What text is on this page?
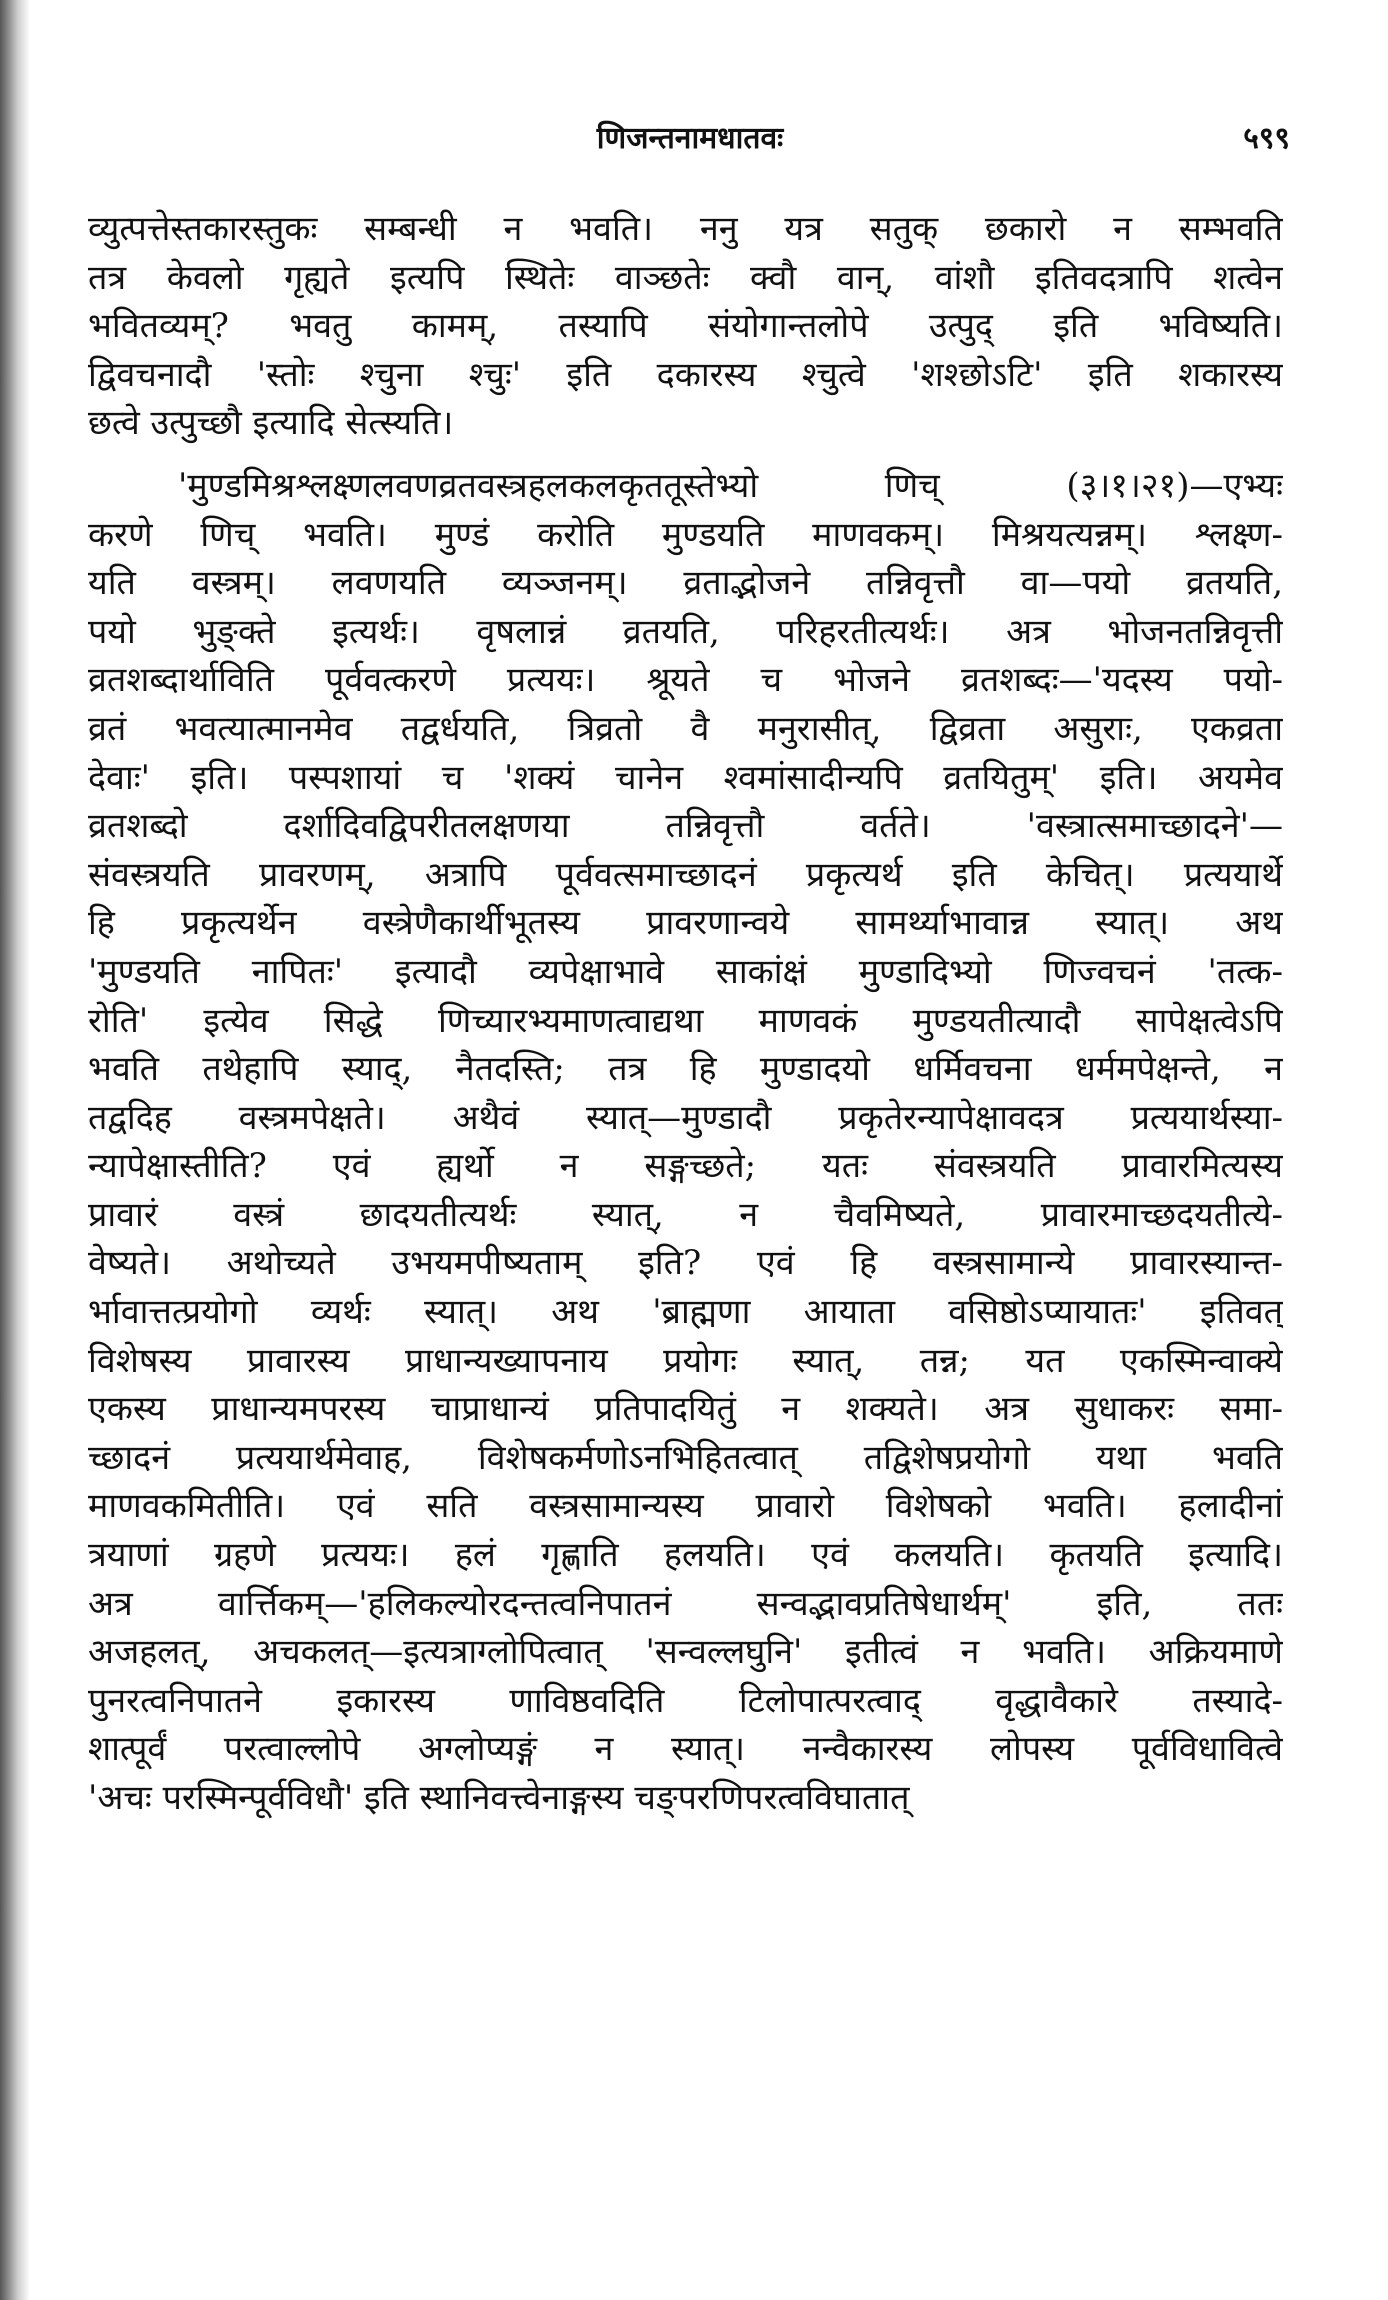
णिजन्तनामधातवः	५९९
व्युत्पत्तेस्तकारस्तुकः सम्बन्धी न भवति। ननु यत्र सतुक् छकारो न सम्भवति
तत्र केवलो गृह्यते इत्यपि स्थितेः वाञ्छतेः क्वौ वान्, वांशौ इतिवदत्रापि शत्वेन
भवितव्यम्? भवतु कामम्, तस्यापि संयोगान्तलोपे उत्पुद् इति भविष्यति।
द्विवचनादौ 'स्तोः श्चुना श्चुः' इति दकारस्य श्चुत्वे 'शश्छोऽटि' इति शकारस्य
छत्वे उत्पुच्छौ इत्यादि सेत्स्यति।
'मुण्डमिश्रश्लक्ष्णलवणव्रतवस्त्रहलकलकृततूस्तेभ्यो णिच् (३।१।२१)—एभ्यः
करणे णिच् भवति। मुण्डं करोति मुण्डयति माणवकम्। मिश्रयत्यन्नम्। श्लक्ष्ण-
यति वस्त्रम्। लवणयति व्यञ्जनम्। व्रताद्भोजने तन्निवृत्तौ वा—पयो व्रतयति,
पयो भुङ्क्ते इत्यर्थः। वृषलान्नं व्रतयति, परिहरतीत्यर्थः। अत्र भोजनतन्निवृत्ती
व्रतशब्दार्थाविति पूर्ववत्करणे प्रत्ययः। श्रूयते च भोजने व्रतशब्दः—'यदस्य पयो-
व्रतं भवत्यात्मानमेव तद्वर्धयति, त्रिव्रतो वै मनुरासीत्, द्विव्रता असुराः, एकव्रता
देवाः' इति। पस्पशायां च 'शक्यं चानेन श्वमांसादीन्यपि व्रतयितुम्' इति। अयमेव
व्रतशब्दो दर्शादिवद्विपरीतलक्षणया तन्निवृत्तौ वर्तते। 'वस्त्रात्समाच्छादने'—
संवस्त्रयति प्रावरणम्, अत्रापि पूर्ववत्समाच्छादनं प्रकृत्यर्थ इति केचित्। प्रत्ययार्थे
हि प्रकृत्यर्थेन वस्त्रेणैकार्थीभूतस्य प्रावरणान्वये सामर्थ्याभावान्न स्यात्। अथ
'मुण्डयति नापितः' इत्यादौ व्यपेक्षाभावे साकांक्षं मुण्डादिभ्यो णिज्वचनं 'तत्क-
रोति' इत्येव सिद्धे णिच्यारभ्यमाणत्वाद्यथा माणवकं मुण्डयतीत्यादौ सापेक्षत्वेऽपि
भवति तथेहापि स्याद्, नैतदस्ति; तत्र हि मुण्डादयो धर्मिवचना धर्ममपेक्षन्ते, न
तद्वदिह वस्त्रमपेक्षते। अथैवं स्यात्—मुण्डादौ प्रकृतेरन्यापेक्षावदत्र प्रत्ययार्थस्या-
न्यापेक्षास्तीति? एवं ह्यर्थो न सङ्गच्छते; यतः संवस्त्रयति प्रावारमित्यस्य
प्रावारं वस्त्रं छादयतीत्यर्थः स्यात्, न चैवमिष्यते, प्रावारमाच्छदयतीत्ये-
वेष्यते। अथोच्यते उभयमपीष्यताम् इति? एवं हि वस्त्रसामान्ये प्रावारस्यान्त-
र्भावात्तत्प्रयोगो व्यर्थः स्यात्। अथ 'ब्राह्मणा आयाता वसिष्ठोऽप्यायातः' इतिवत्
विशेषस्य प्रावारस्य प्राधान्यख्यापनाय प्रयोगः स्यात्, तन्न; यत एकस्मिन्वाक्ये
एकस्य प्राधान्यमपरस्य चाप्राधान्यं प्रतिपादयितुं न शक्यते। अत्र सुधाकरः समा-
च्छादनं प्रत्ययार्थमेवाह, विशेषकर्मणोऽनभिहितत्वात् तद्विशेषप्रयोगो यथा भवति
माणवकमितीति। एवं सति वस्त्रसामान्यस्य प्रावारो विशेषको भवति। हलादीनां
त्रयाणां ग्रहणे प्रत्ययः। हलं गृह्णाति हलयति। एवं कलयति। कृतयति इत्यादि।
अत्र वार्त्तिकम्—'हलिकल्योरदन्तत्वनिपातनं सन्वद्भावप्रतिषेधार्थम्' इति, ततः
अजहलत्, अचकलत्—इत्यत्राग्लोपित्वात् 'सन्वल्लघुनि' इतीत्वं न भवति। अक्रियमाणे
पुनरत्वनिपातने इकारस्य णाविष्ठवदिति टिलोपात्परत्वाद् वृद्धावैकारे तस्यादे-
शात्पूर्वं परत्वाल्लोपे अग्लोप्यङ्गं न स्यात्। नन्वैकारस्य लोपस्य पूर्वविधावित्वे
'अचः परस्मिन्पूर्वविधौ' इति स्थानिवत्त्वेनाङ्गस्य चङ्परणिपरत्वविघातात्
